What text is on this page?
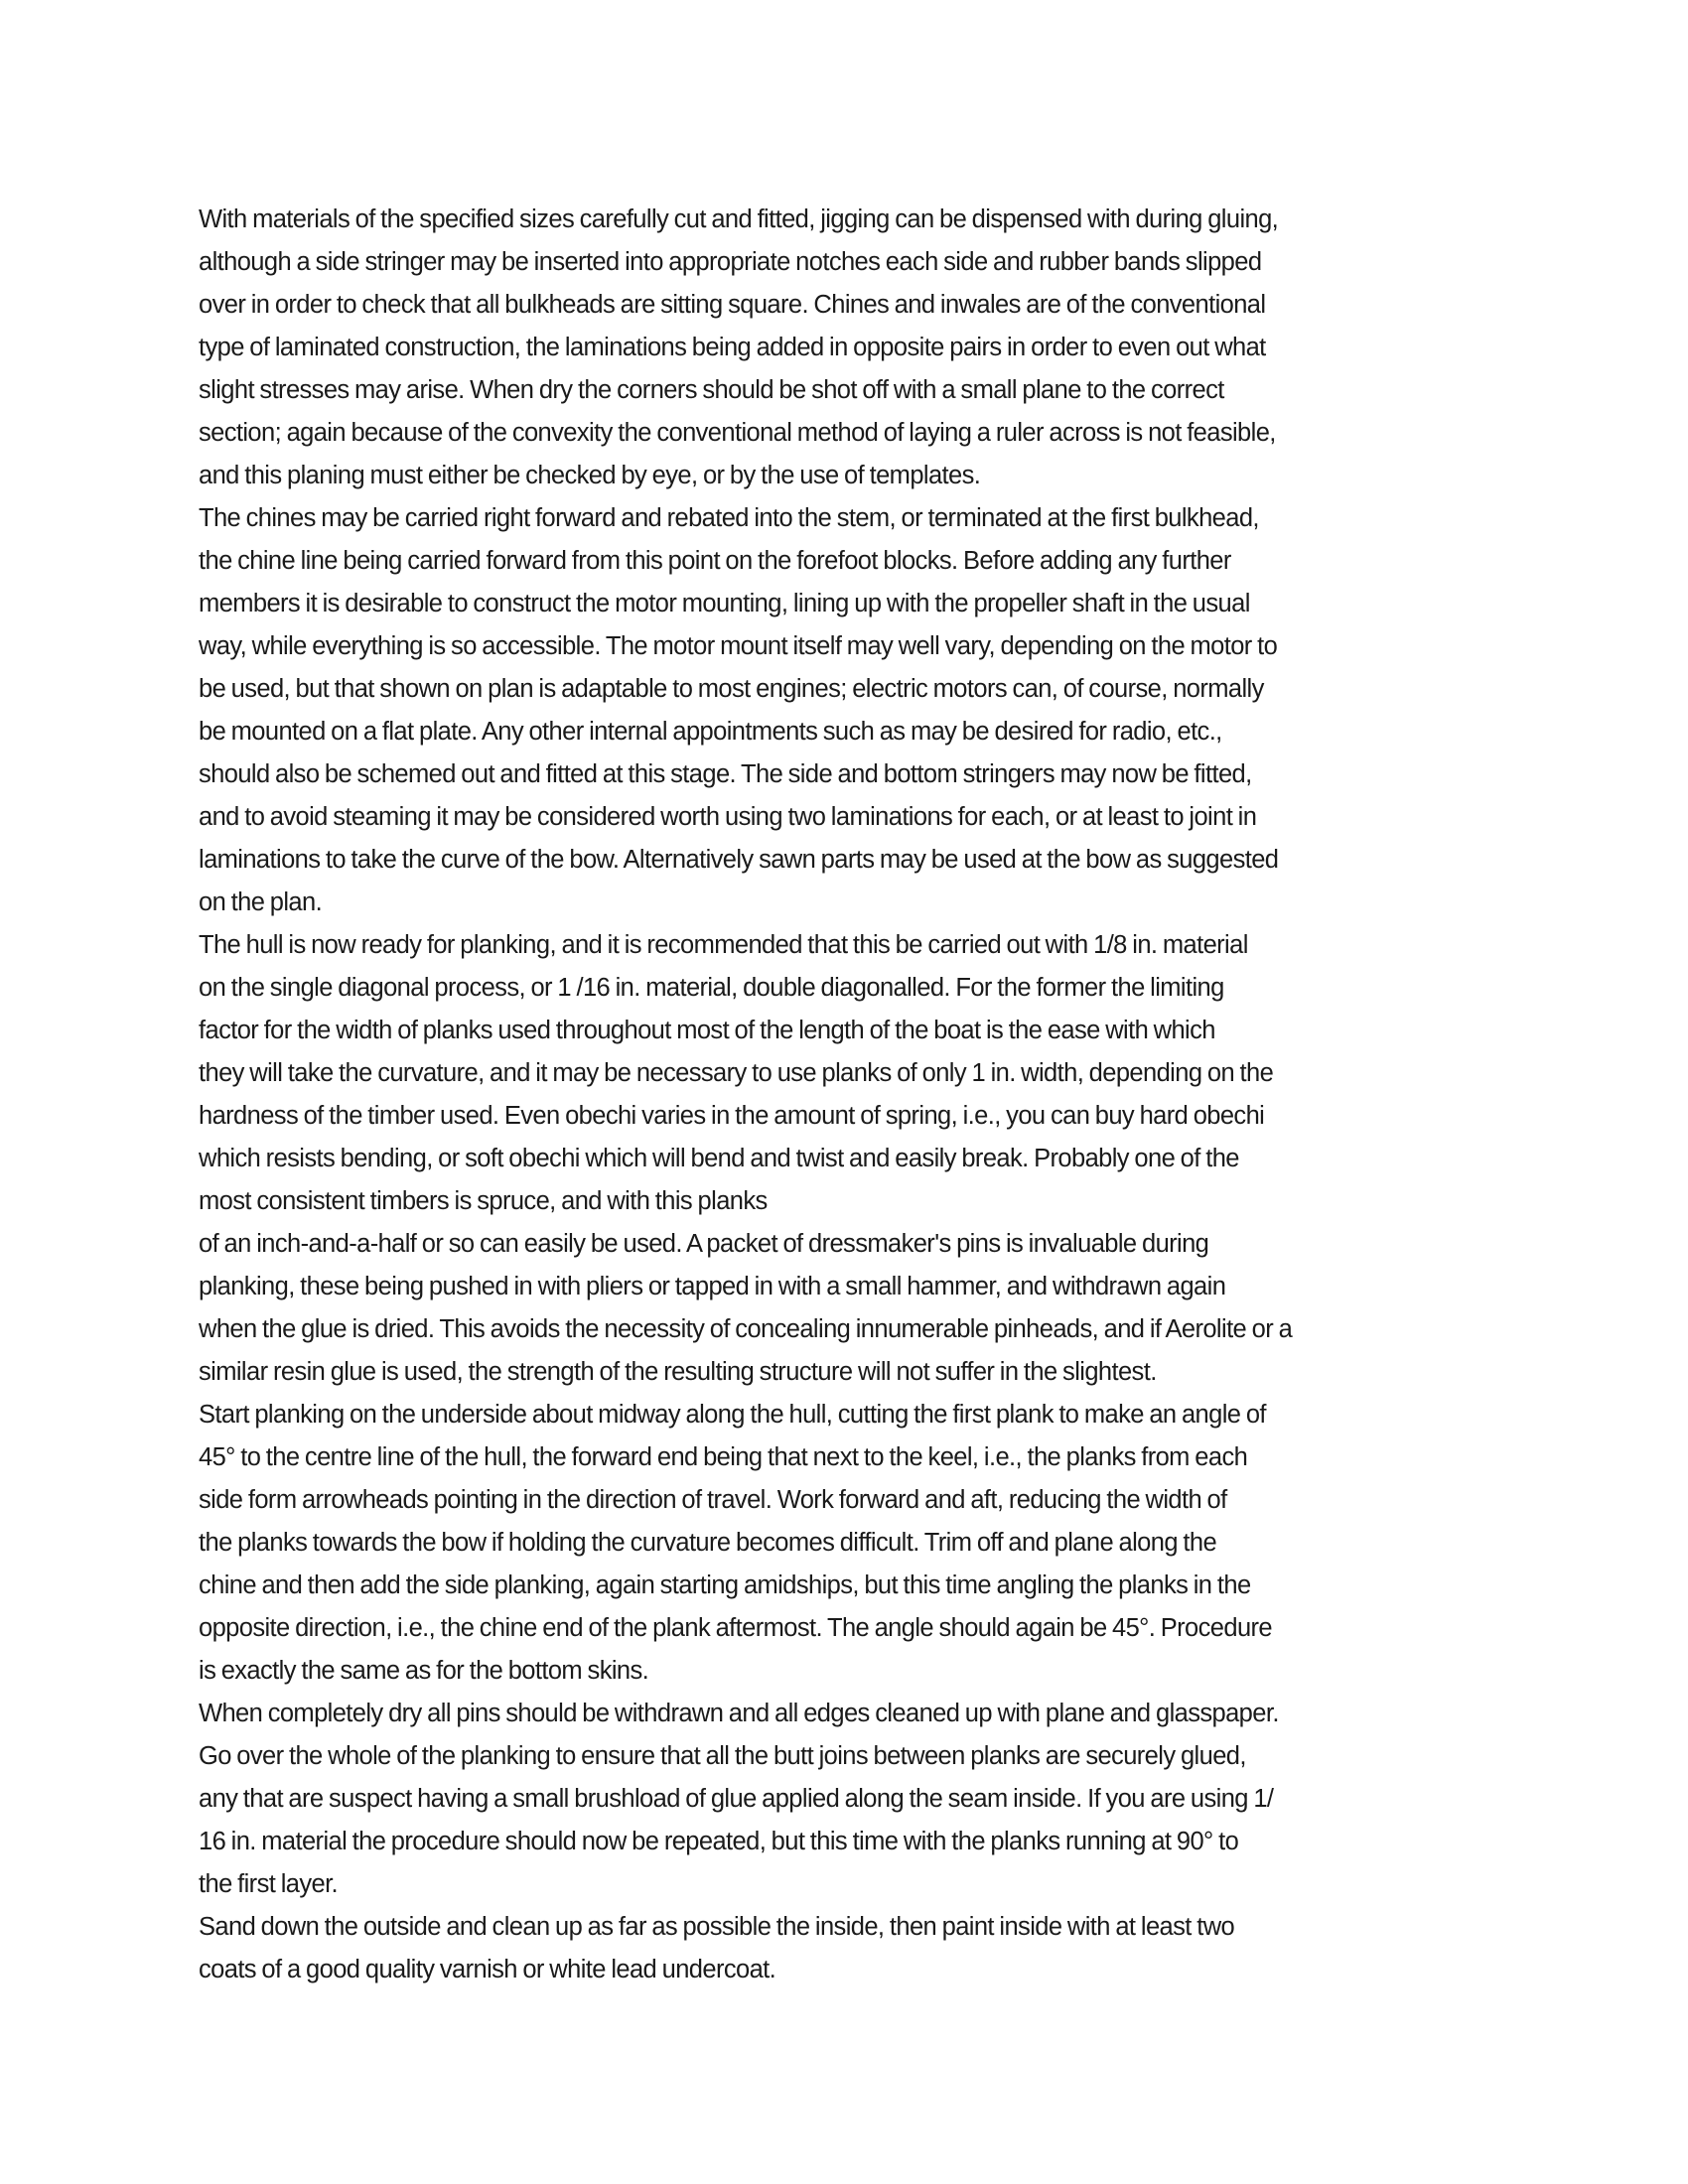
With materials of the specified sizes carefully cut and fitted, jigging can be dispensed with during gluing,
although a side stringer may be inserted into appropriate notches each side and rubber bands slipped
over in order to check that all bulkheads are sitting square. Chines and inwales are of the conventional
type of laminated construction, the laminations being added in opposite pairs in order to even out what
slight stresses may arise. When dry the corners should be shot off with a small plane to the correct
section; again because of the convexity the conventional method of laying a ruler across is not feasible,
and this planing must either be checked by eye, or by the use of templates.
The chines may be carried right forward and rebated into the stem, or terminated at the first bulkhead,
the chine line being carried forward from this point on the forefoot blocks. Before adding any further
members it is desirable to construct the motor mounting, lining up with the propeller shaft in the usual
way, while everything is so accessible. The motor mount itself may well vary, depending on the motor to
be used, but that shown on plan is adaptable to most engines; electric motors can, of course, normally
be mounted on a flat plate. Any other internal appointments such as may be desired for radio, etc.,
should also be schemed out and fitted at this stage. The side and bottom stringers may now be fitted,
and to avoid steaming it may be considered worth using two laminations for each, or at least to joint in
laminations to take the curve of the bow. Alternatively sawn parts may be used at the bow as suggested
on the plan.
The hull is now ready for planking, and it is recommended that this be carried out with 1/8 in. material
on the single diagonal process, or 1 /16 in. material, double diagonalled. For the former the limiting
factor for the width of planks used throughout most of the length of the boat is the ease with which
they will take the curvature, and it may be necessary to use planks of only 1 in. width, depending on the
hardness of the timber used. Even obechi varies in the amount of spring, i.e., you can buy hard obechi
which resists bending, or soft obechi which will bend and twist and easily break. Probably one of the
most consistent timbers is spruce, and with this planks
of an inch-and-a-half or so can easily be used. A packet of dressmaker's pins is invaluable during
planking, these being pushed in with pliers or tapped in with a small hammer, and withdrawn again
when the glue is dried. This avoids the necessity of concealing innumerable pinheads, and if Aerolite or a
similar resin glue is used, the strength of the resulting structure will not suffer in the slightest.
Start planking on the underside about midway along the hull, cutting the first plank to make an angle of
45° to the centre line of the hull, the forward end being that next to the keel, i.e., the planks from each
side form arrowheads pointing in the direction of travel. Work forward and aft, reducing the width of
the planks towards the bow if holding the curvature becomes difficult. Trim off and plane along the
chine and then add the side planking, again starting amidships, but this time angling the planks in the
opposite direction, i.e., the chine end of the plank aftermost. The angle should again be 45°. Procedure
is exactly the same as for the bottom skins.
When completely dry all pins should be withdrawn and all edges cleaned up with plane and glasspaper.
Go over the whole of the planking to ensure that all the butt joins between planks are securely glued,
any that are suspect having a small brushload of glue applied along the seam inside. If you are using 1/
16 in. material the procedure should now be repeated, but this time with the planks running at 90° to
the first layer.
Sand down the outside and clean up as far as possible the inside, then paint inside with at least two
coats of a good quality varnish or white lead undercoat.
